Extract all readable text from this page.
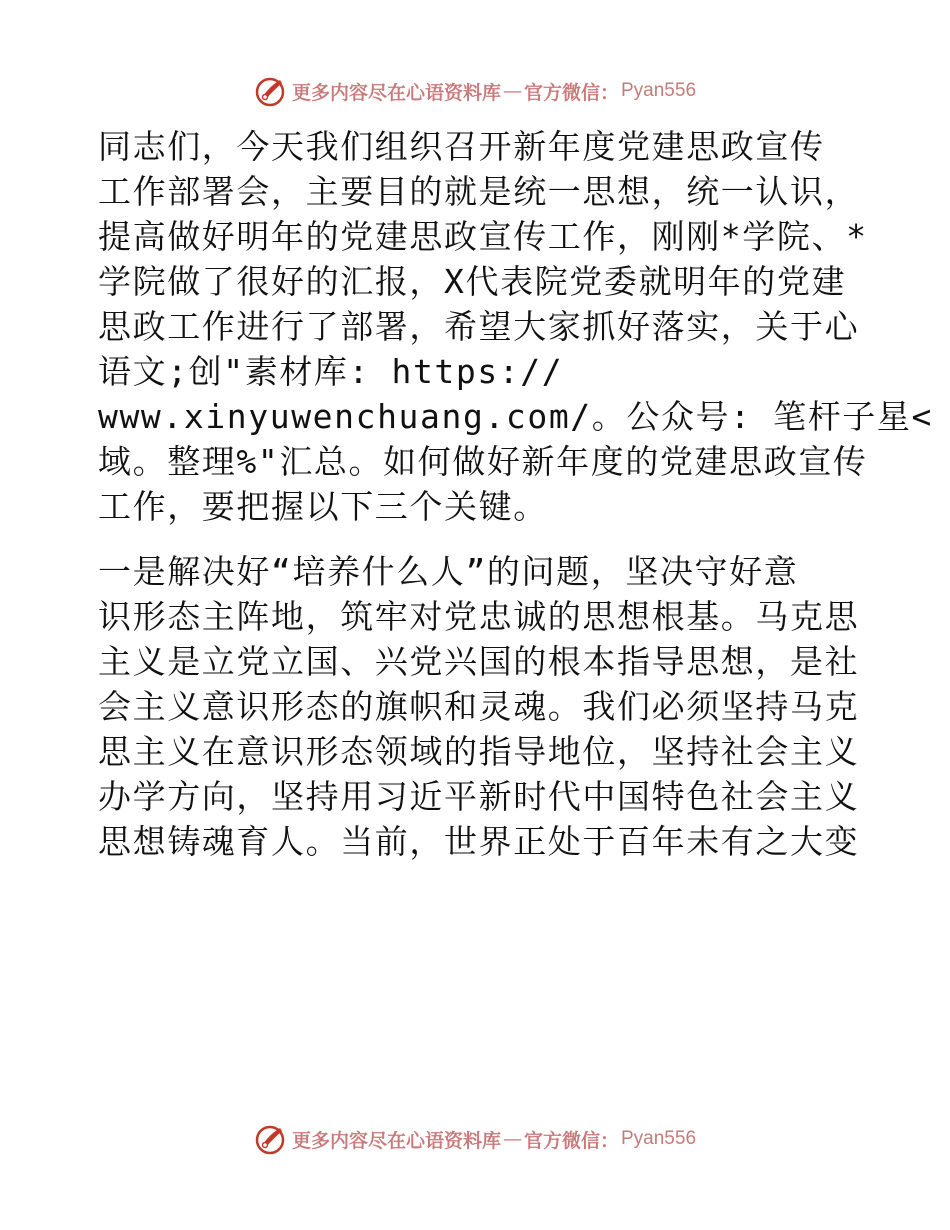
更多内容尽在心语资料库 — 官方微信： Pyan556
同志们，今天我们组织召开新年度党建思政宣传
工作部署会，主要目的就是统一思想，统一认识，
提高做好明年的党建思政宣传工作，刚刚*学院、*
学院做了很好的汇报，X代表院党委就明年的党建
思政工作进行了部署，希望大家抓好落实，关于心
语文;创"素材库: https://
www.xinyuwenchuang.com/。公众号: 笔杆子星<
域。整理%"汇总。如何做好新年度的党建思政宣传
工作，要把握以下三个关键。
一是解决好“培养什么人”的问题，坚决守好意
识形态主阵地，筑牢对党忠诚的思想根基。马克思
主义是立党立国、兴党兴国的根本指导思想，是社
会主义意识形态的旗帜和灵魂。我们必须坚持马克
思主义在意识形态领域的指导地位，坚持社会主义
办学方向，坚持用习近平新时代中国特色社会主义
思想铸魂育人。当前，世界正处于百年未有之大变
更多内容尽在心语资料库 — 官方微信： Pyan556
